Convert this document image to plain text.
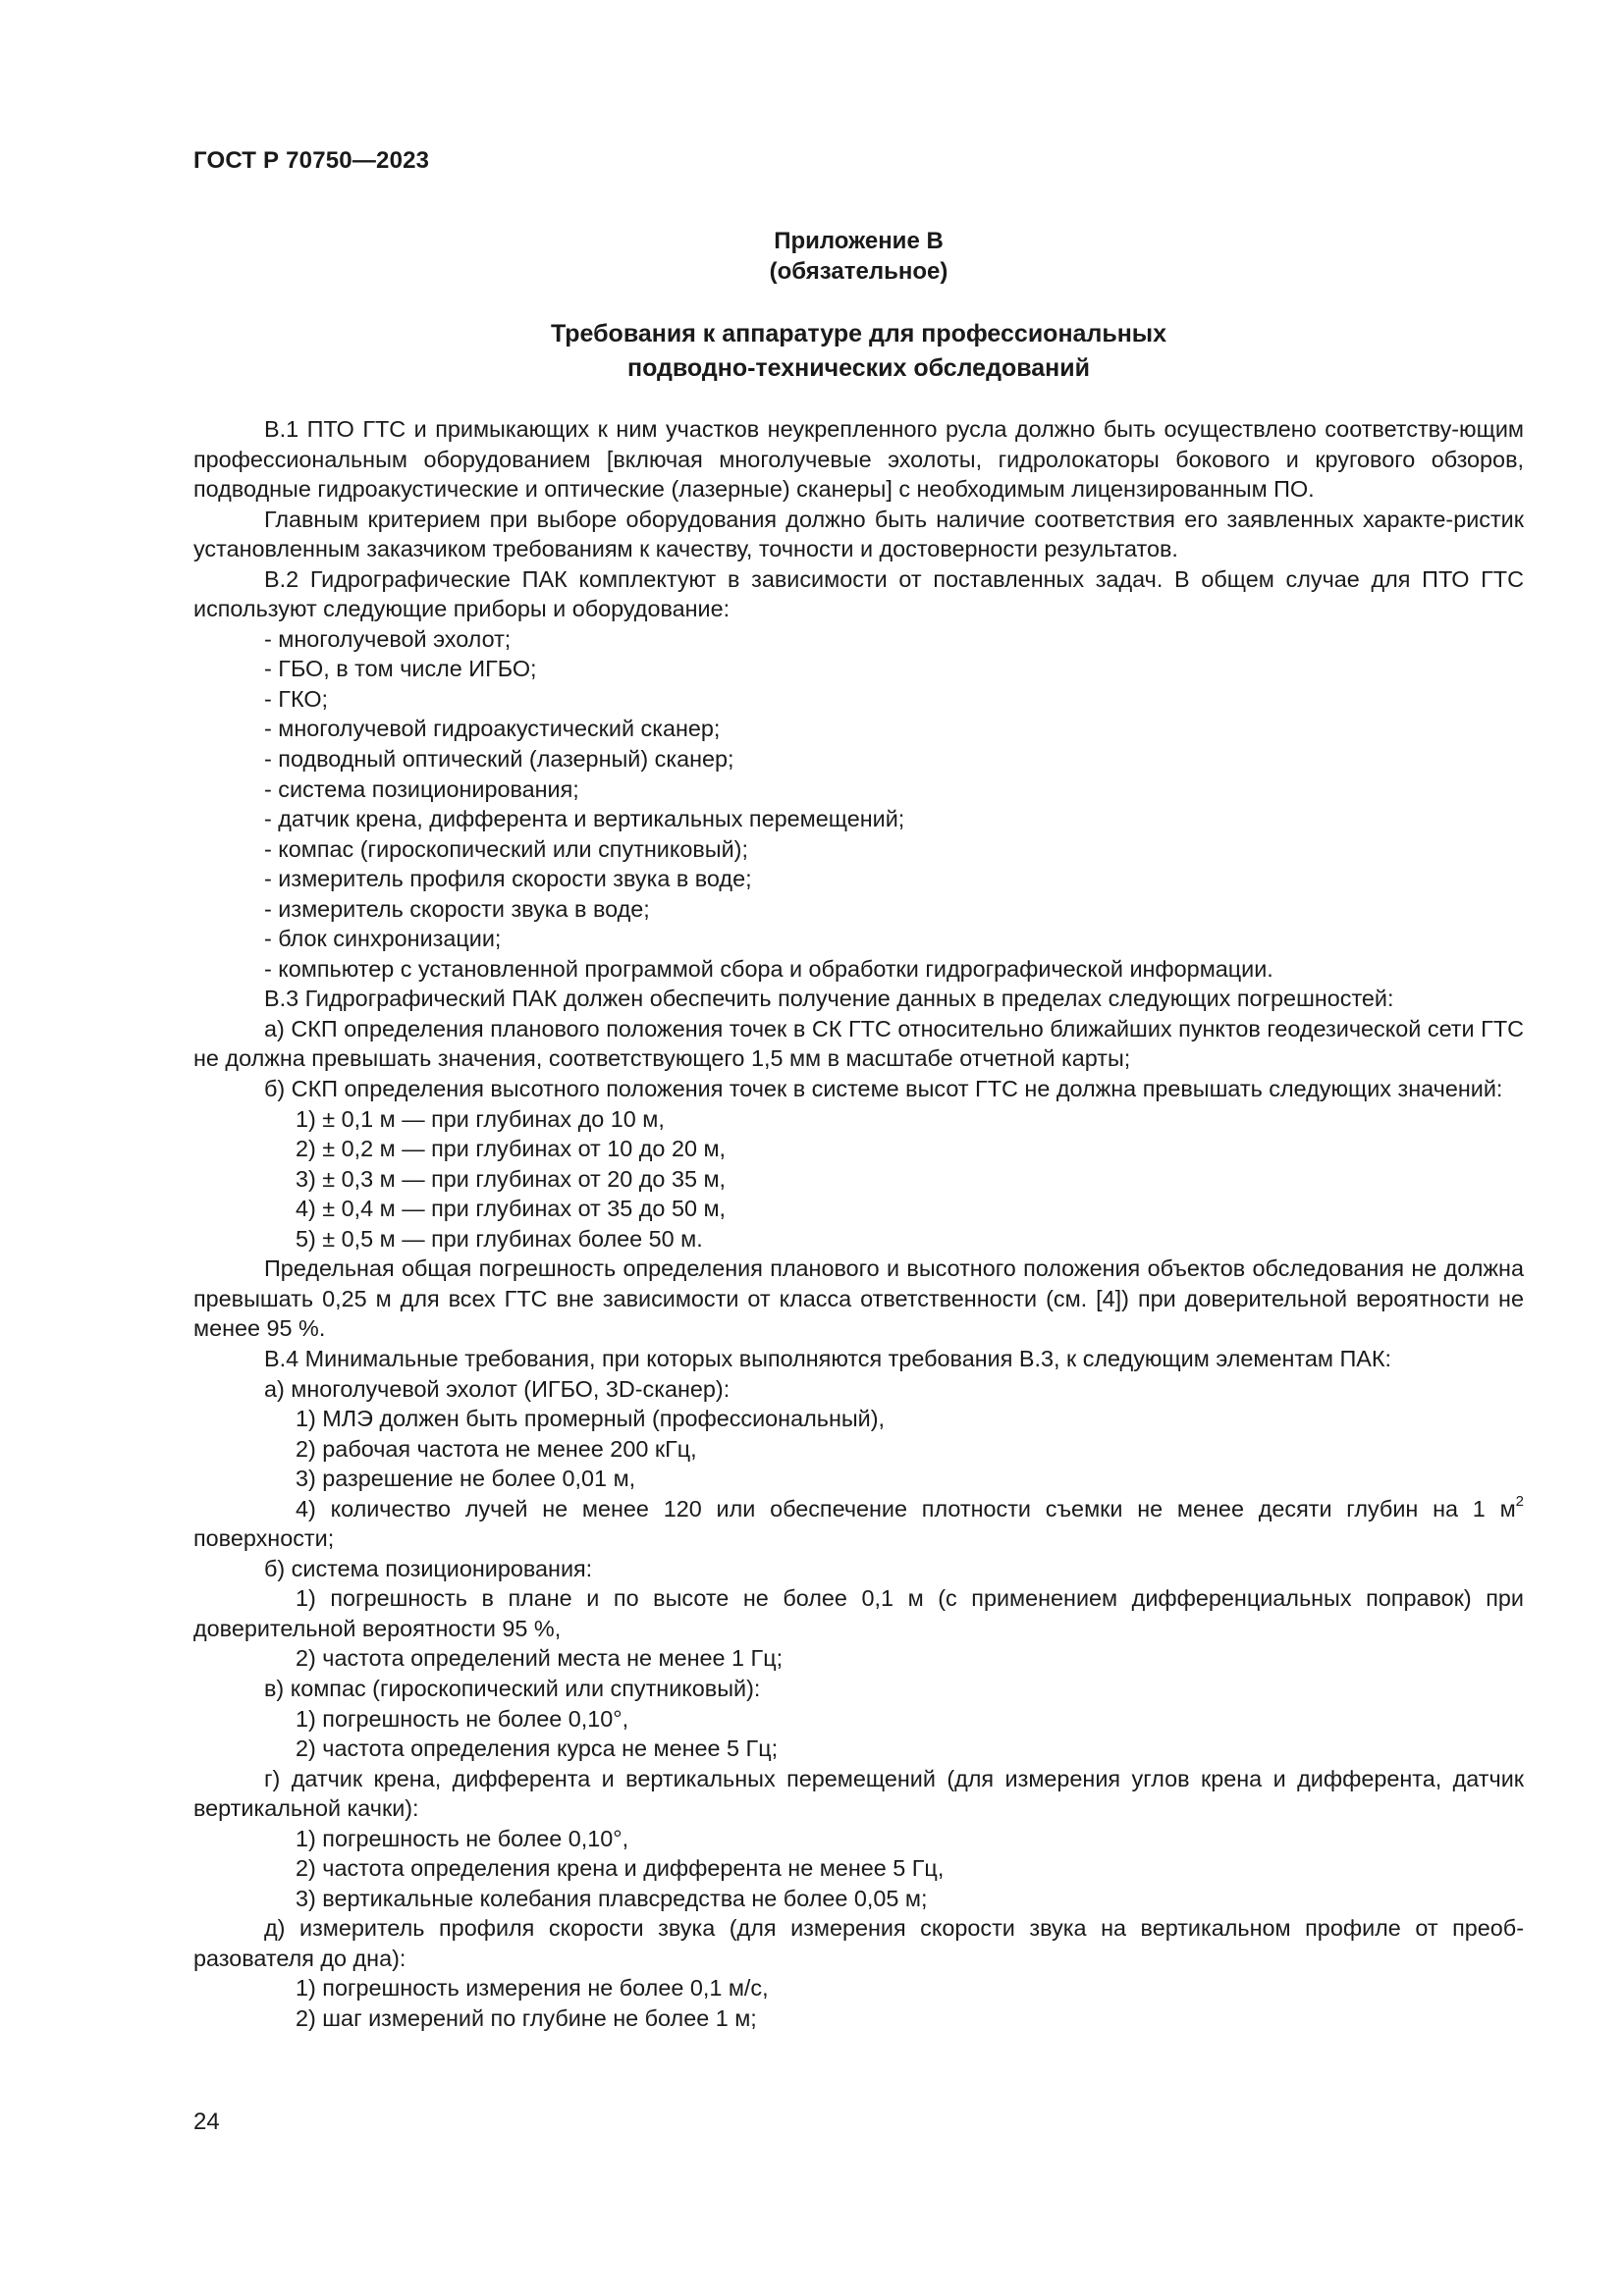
ГОСТ Р 70750—2023
Приложение В
(обязательное)
Требования к аппаратуре для профессиональных
подводно-технических обследований

В.1 ПТО ГТС и примыкающих к ним участков неукрепленного русла должно быть осуществлено соответству-ющим профессиональным оборудованием [включая многолучевые эхолоты, гидролокаторы бокового и кругового обзоров, подводные гидроакустические и оптические (лазерные) сканеры] с необходимым лицензированным ПО.

Главным критерием при выборе оборудования должно быть наличие соответствия его заявленных характе-ристик установленным заказчиком требованиям к качеству, точности и достоверности результатов.

В.2 Гидрографические ПАК комплектуют в зависимости от поставленных задач. В общем случае для ПТО ГТС используют следующие приборы и оборудование:

- многолучевой эхолот;

- ГБО, в том числе ИГБО;

- ГКО;

- многолучевой гидроакустический сканер;

- подводный оптический (лазерный) сканер;

- система позиционирования;

- датчик крена, дифферента и вертикальных перемещений;

- компас (гироскопический или спутниковый);

- измеритель профиля скорости звука в воде;

- измеритель скорости звука в воде;

- блок синхронизации;

- компьютер с установленной программой сбора и обработки гидрографической информации.

В.3 Гидрографический ПАК должен обеспечить получение данных в пределах следующих погрешностей:

а) СКП определения планового положения точек в СК ГТС относительно ближайших пунктов геодезической сети ГТС не должна превышать значения, соответствующего 1,5 мм в масштабе отчетной карты;

б) СКП определения высотного положения точек в системе высот ГТС не должна превышать следующих значений:

1) ± 0,1 м — при глубинах до 10 м,

2) ± 0,2 м — при глубинах от 10 до 20 м,

3) ± 0,3 м — при глубинах от 20 до 35 м,

4) ± 0,4 м — при глубинах от 35 до 50 м,

5) ± 0,5 м — при глубинах более 50 м.

Предельная общая погрешность определения планового и высотного положения объектов обследования не должна превышать 0,25 м для всех ГТС вне зависимости от класса ответственности (см. [4]) при доверительной вероятности не менее 95 %.

В.4 Минимальные требования, при которых выполняются требования В.3, к следующим элементам ПАК:

а) многолучевой эхолот (ИГБО, 3D-сканер):

1) МЛЭ должен быть промерный (профессиональный),

2) рабочая частота не менее 200 кГц,

3) разрешение не более 0,01 м,

4) количество лучей не менее 120 или обеспечение плотности съемки не менее десяти глубин на 1 $м^2$ поверхности;

б) система позиционирования:

1) погрешность в плане и по высоте не более 0,1 м (с применением дифференциальных поправок) при доверительной вероятности 95 %,

2) частота определений места не менее 1 Гц;

в) компас (гироскопический или спутниковый):

1) погрешность не более 0,10°,

2) частота определения курса не менее 5 Гц;

г) датчик крена, дифферента и вертикальных перемещений (для измерения углов крена и дифферента, датчик вертикальной качки):

1) погрешность не более 0,10°,

2) частота определения крена и дифферента не менее 5 Гц,

3) вертикальные колебания плавсредства не более 0,05 м;

д) измеритель профиля скорости звука (для измерения скорости звука на вертикальном профиле от преоб-разователя до дна):

1) погрешность измерения не более 0,1 м/с,

2) шаг измерений по глубине не более 1 м;

24
